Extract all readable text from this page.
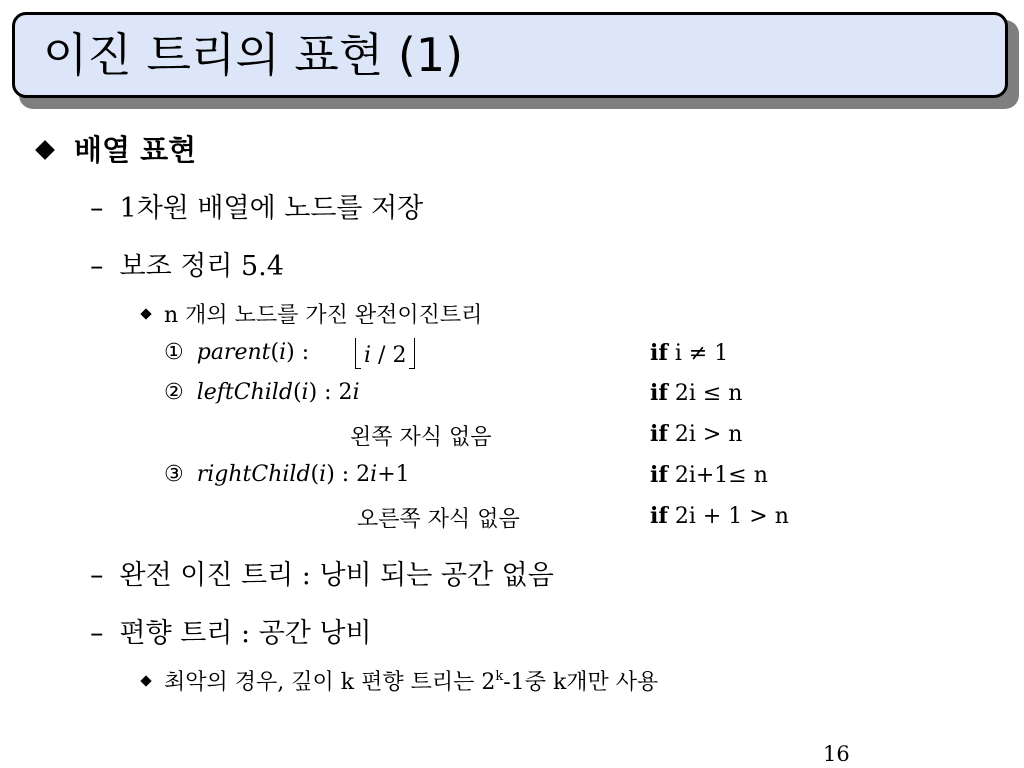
이진 트리의 표현 (1)
배열 표현
– 1차원 배열에 노드를 저장
– 보조 정리 5.4
n 개의 노드를 가진 완전이진트리
① parent(i) :	i / 2	if i ≠ 1
② leftChild(i) : 2i	if 2i ≤ n
왼쪽 자식 없음	if 2i > n
③ rightChild(i) : 2i+1	if 2i+1≤ n
오른쪽 자식 없음	if 2i + 1 > n
– 완전 이진 트리 : 낭비 되는 공간 없음
– 편향 트리 : 공간 낭비
최악의 경우, 깊이 k 편향 트리는 2$^k$-1중 k개만 사용
16
